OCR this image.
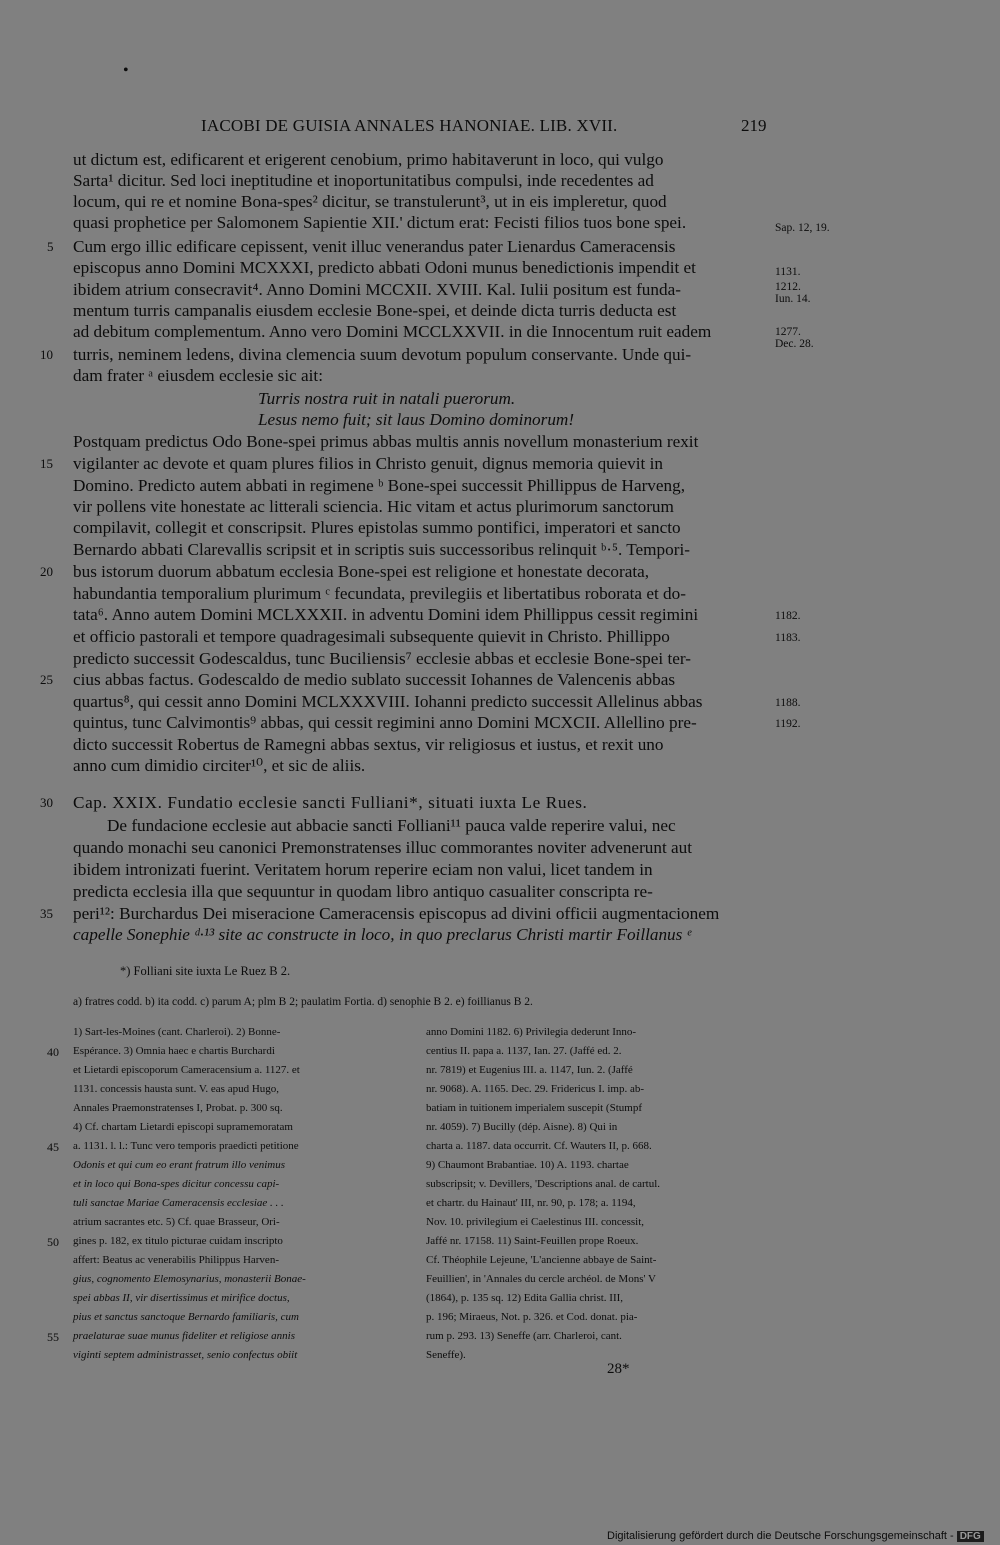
•
IACOBI DE GUISIA ANNALES HANONIAE. LIB. XVII.	219
ut dictum est, edificarent et erigerent cenobium, primo habitaverunt in loco, qui vulgo
Sarta¹ dicitur. Sed loci ineptitudine et inoportunitatibus compulsi, inde recedentes ad
locum, qui re et nomine Bona-spes² dicitur, se transtulerunt³, ut in eis impleretur, quod
quasi prophetice per Salomonem Sapientie XII.' dictum erat: Fecisti filios tuos bone spei.
Cum ergo illic edificare cepissent, venit illuc venerandus pater Lienardus Cameracensis
episcopus anno Domini MCXXXI, predicto abbati Odoni munus benedictionis impendit et
ibidem atrium consecravit⁴. Anno Domini MCCXII. XVIII. Kal. Iulii positum est funda-
mentum turris campanalis eiusdem ecclesie Bone-spei, et deinde dicta turris deducta est
ad debitum complementum. Anno vero Domini MCCLXXVII. in die Innocentum ruit eadem
turris, neminem ledens, divina clemencia suum devotum populum conservante. Unde qui-
dam frater ᵃ eiusdem ecclesie sic ait:
Turris nostra ruit in natali puerorum.
Lesus nemo fuit; sit laus Domino dominorum!
Postquam predictus Odo Bone-spei primus abbas multis annis novellum monasterium rexit
vigilanter ac devote et quam plures filios in Christo genuit, dignus memoria quievit in
Domino. Predicto autem abbati in regimene ᵇ Bone-spei successit Phillippus de Harveng,
vir pollens vite honestate ac litterali sciencia. Hic vitam et actus plurimorum sanctorum
compilavit, collegit et conscripsit. Plures epistolas summo pontifici, imperatori et sancto
Bernardo abbati Clarevallis scripsit et in scriptis suis successoribus relinquit ᵇ·⁵. Tempori-
bus istorum duorum abbatum ecclesia Bone-spei est religione et honestate decorata,
habundantia temporalium plurimum ᶜ fecundata, previlegiis et libertatibus roborata et do-
tata⁶. Anno autem Domini MCLXXXII. in adventu Domini idem Phillippus cessit regimini
et officio pastorali et tempore quadragesimali subsequente quievit in Christo. Phillippo
predicto successit Godescaldus, tunc Buciliensis⁷ ecclesie abbas et ecclesie Bone-spei ter-
cius abbas factus. Godescaldo de medio sublato successit Iohannes de Valencenis abbas
quartus⁸, qui cessit anno Domini MCLXXXVIII. Iohanni predicto successit Allelinus abbas
quintus, tunc Calvimontis⁹ abbas, qui cessit regimini anno Domini MCXCII. Allellino pre-
dicto successit Robertus de Ramegni abbas sextus, vir religiosus et iustus, et rexit uno
anno cum dimidio circiter¹⁰, et sic de aliis.
Cap. XXIX. Fundatio ecclesie sancti Fulliani*, situati iuxta Le Rues.
De fundacione ecclesie aut abbacie sancti Folliani¹¹ pauca valde reperire valui, nec
quando monachi seu canonici Premonstratenses illuc commorantes noviter advenerunt aut
ibidem intronizati fuerint. Veritatem horum reperire eciam non valui, licet tandem in
predicta ecclesia illa que sequuntur in quodam libro antiquo casualiter conscripta re-
peri¹²: Burchardus Dei miseracione Cameracensis episcopus ad divini officii augmentacionem
capelle Sonephie ᵈ·¹³ site ac constructe in loco, in quo preclarus Christi martir Foillanus ᵉ
5
10
15
20
25
30
35
Sap. 12, 19.
1131.
1212.
Iun. 14.
1277.
Dec. 28.
1182.
1183.
1188.
1192.
*) Folliani site iuxta Le Ruez B 2.
a) fratres codd. b) ita codd. c) parum A; plm B 2; paulatim Fortia. d) senophie B 2. e) foillianus B 2.
1) Sart-les-Moines (cant. Charleroi). 2) Bonne-
Espérance. 3) Omnia haec e chartis Burchardi
et Lietardi episcoporum Cameracensium a. 1127. et
1131. concessis hausta sunt. V. eas apud Hugo,
Annales Praemonstratenses I, Probat. p. 300 sq.
4) Cf. chartam Lietardi episcopi supramemoratam
a. 1131. l. l.: Tunc vero temporis praedicti petitione
Odonis et qui cum eo erant fratrum illo venimus
et in loco qui Bona-spes dicitur concessu capi-
tuli sanctae Mariae Cameracensis ecclesiae . . .
atrium sacrantes etc. 5) Cf. quae Brasseur, Ori-
gines p. 182, ex titulo picturae cuidam inscripto
affert: Beatus ac venerabilis Philippus Harven-
gius, cognomento Elemosynarius, monasterii Bonae-
spei abbas II, vir disertissimus et mirifice doctus,
pius et sanctus sanctoque Bernardo familiaris, cum
praelaturae suae munus fideliter et religiose annis
viginti septem administrasset, senio confectus obiit
anno Domini 1182. 6) Privilegia dederunt Inno-
centius II. papa a. 1137, Ian. 27. (Jaffé ed. 2.
nr. 7819) et Eugenius III. a. 1147, Iun. 2. (Jaffé
nr. 9068). A. 1165. Dec. 29. Fridericus I. imp. ab-
batiam in tuitionem imperialem suscepit (Stumpf
nr. 4059). 7) Bucilly (dép. Aisne). 8) Qui in
charta a. 1187. data occurrit. Cf. Wauters II, p. 668.
9) Chaumont Brabantiae. 10) A. 1193. chartae
subscripsit; v. Devillers, 'Descriptions anal. de cartul.
et chartr. du Hainaut' III, nr. 90, p. 178; a. 1194,
Nov. 10. privilegium ei Caelestinus III. concessit,
Jaffé nr. 17158. 11) Saint-Feuillen prope Roeux.
Cf. Théophile Lejeune, 'L'ancienne abbaye de Saint-
Feuillien', in 'Annales du cercle archéol. de Mons' V
(1864), p. 135 sq. 12) Edita Gallia christ. III,
p. 196; Miraeus, Not. p. 326. et Cod. donat. pia-
rum p. 293. 13) Seneffe (arr. Charleroi, cant.
Seneffe).
40
45
50
55
28*
Digitalisierung gefördert durch die Deutsche Forschungsgemeinschaft - DFG
